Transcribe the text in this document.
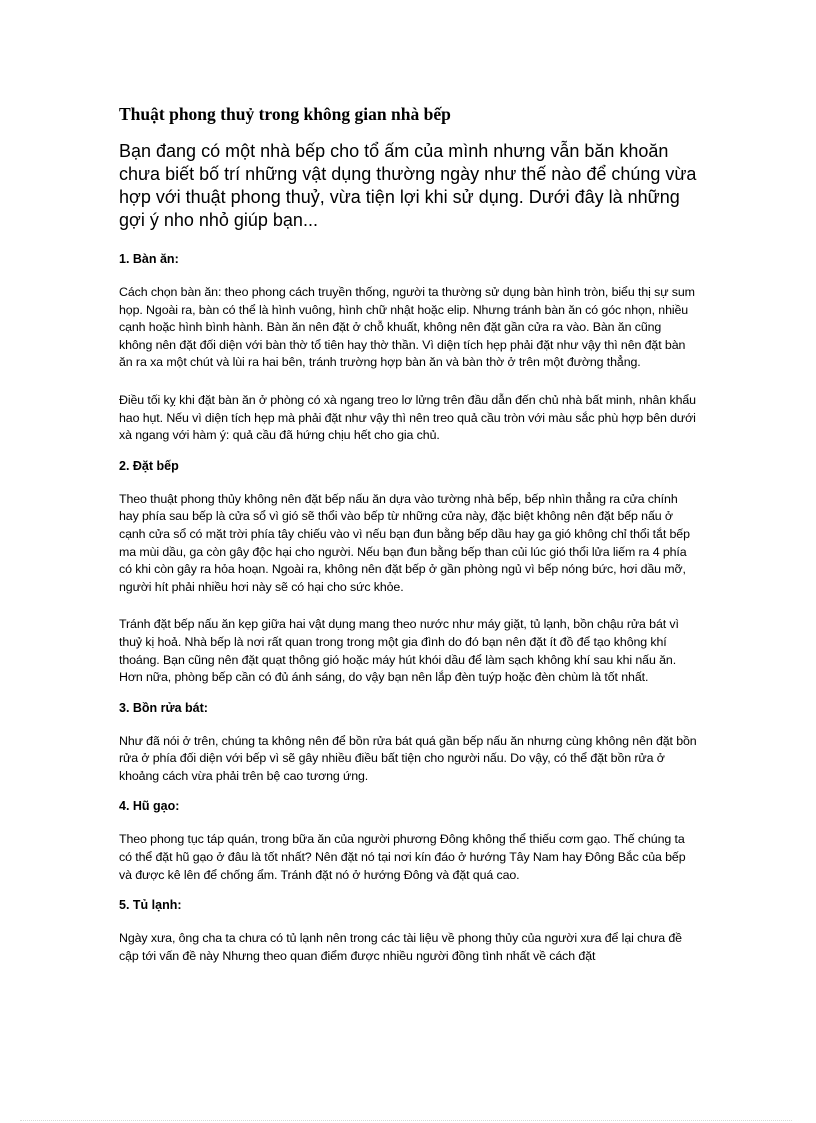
Thuật phong thuỷ trong không gian nhà bếp

Bạn đang có một nhà bếp cho tổ ấm của mình nhưng vẫn băn khoăn chưa biết bố trí những vật dụng thường ngày như thế nào để chúng vừa hợp với thuật phong thuỷ, vừa tiện lợi khi sử dụng. Dưới đây là những gợi ý nho nhỏ giúp bạn...

1. Bàn ăn:

Cách chọn bàn ăn: theo phong cách truyền thống, người ta thường sử dụng bàn hình tròn, biểu thị sự sum họp. Ngoài ra, bàn có thể là hình vuông, hình chữ nhật hoặc elip. Nhưng tránh bàn ăn có góc nhọn, nhiều cạnh hoặc hình bình hành. Bàn ăn nên đặt ở chỗ khuất, không nên đặt gần cửa ra vào. Bàn ăn cũng không nên đặt đối diện với bàn thờ tổ tiên hay thờ thần. Vì diện tích hẹp phải đặt như vậy thì nên đặt bàn ăn ra xa một chút và lùi ra hai bên, tránh trường hợp bàn ăn và bàn thờ ở trên một đường thẳng.

Điều tối kỵ khi đặt bàn ăn ở phòng có xà ngang treo lơ lửng trên đầu dẫn đến chủ nhà bất minh, nhân khẩu hao hụt. Nếu vì diện tích hẹp mà phải đặt như vậy thì nên treo quả cầu tròn với màu sắc phù hợp bên dưới xà ngang với hàm ý: quả cầu đã hứng chịu hết cho gia chủ.

2. Đặt bếp

Theo thuật phong thủy không nên đặt bếp nấu ăn dựa vào tường nhà bếp, bếp nhìn thẳng ra cửa chính hay phía sau bếp là cửa sổ vì gió sẽ thổi vào bếp từ những cửa này, đặc biệt không nên đặt bếp nấu ở cạnh cửa sổ có mặt trời phía tây chiếu vào vì nếu bạn đun bằng bếp dầu hay ga gió không chỉ thổi tắt bếp ma mùi dầu, ga còn gây độc hại cho người. Nếu bạn đun bằng bếp than củi lúc gió thổi lửa liếm ra 4 phía có khi còn gây ra hỏa hoạn. Ngoài ra, không nên đặt bếp ở gần phòng ngủ vì bếp nóng bức, hơi dầu mỡ, người hít phải nhiều hơi này sẽ có hại cho sức khỏe.

Tránh đặt bếp nấu ăn kẹp giữa hai vật dụng mang theo nước như máy giặt, tủ lạnh, bồn chậu rửa bát vì thuỷ kị hoả. Nhà bếp là nơi rất quan trong trong một gia đình do đó bạn nên đặt ít đồ để tạo không khí thoáng. Bạn cũng nên đặt quạt thông gió hoặc máy hút khói dầu để làm sạch không khí sau khi nấu ăn. Hơn nữa, phòng bếp cần có đủ ánh sáng, do vậy bạn nên lắp đèn tuýp hoặc đèn chùm là tốt nhất.

3. Bồn rửa bát:

Như đã nói ở trên, chúng ta không nên để bồn rửa bát quá gần bếp nấu ăn nhưng cùng không nên đặt bồn rửa ở phía đối diện với bếp vì sẽ gây nhiều điều bất tiện cho người nấu. Do vậy, có thể đặt bồn rửa ở khoảng cách vừa phải trên bệ cao tương ứng.

4. Hũ gạo:

Theo phong tục táp quán, trong bữa ăn của người phương Đông không thể thiếu cơm gạo. Thế chúng ta có thể đặt hũ gạo ở đâu là tốt nhất? Nên đặt nó tại nơi kín đáo ở hướng Tây Nam hay Đông Bắc của bếp và được kê lên để chống ẩm. Tránh đặt nó ở hướng Đông và đặt quá cao.

5. Tủ lạnh:

Ngày xưa, ông cha ta chưa có tủ lạnh nên trong các tài liệu về phong thủy của người xưa để lại chưa đề cập tới vấn đề này Nhưng theo quan điểm được nhiều người đồng tình nhất về cách đặt
